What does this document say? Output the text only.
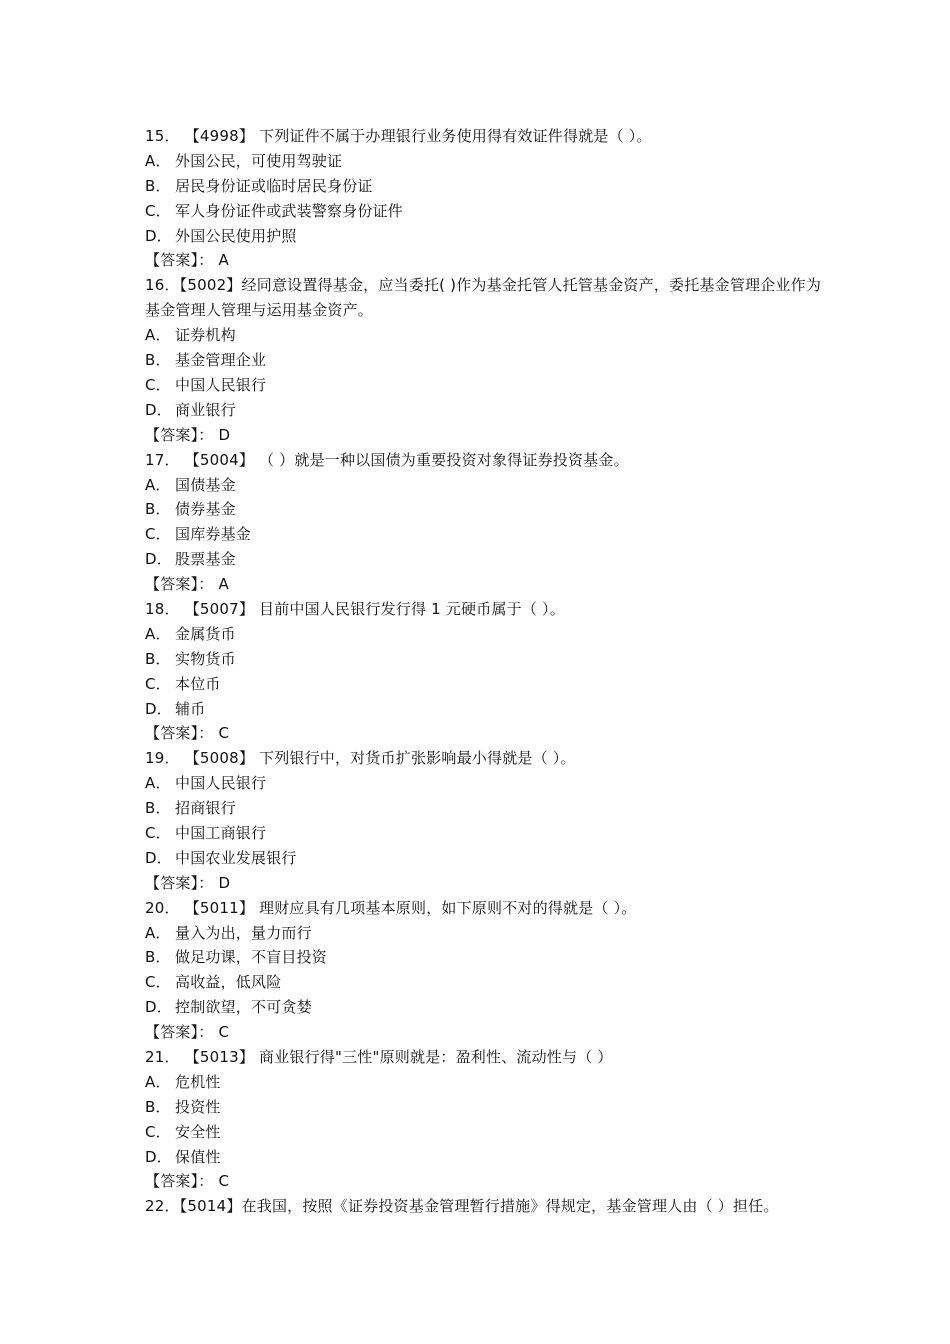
15． 【4998】 下列证件不属于办理银行业务使用得有效证件得就是（ ）。
A． 外国公民，可使用驾驶证
B． 居民身份证或临时居民身份证
C． 军人身份证件或武装警察身份证件
D． 外国公民使用护照
【答案】： A
16．【5002】经同意设置得基金，应当委托( )作为基金托管人托管基金资产，委托基金管理企业作为基金管理人管理与运用基金资产。
A． 证券机构
B． 基金管理企业
C． 中国人民银行
D． 商业银行
【答案】： D
17． 【5004】 （ ）就是一种以国债为重要投资对象得证券投资基金。
A． 国债基金
B． 债券基金
C． 国库券基金
D． 股票基金
【答案】： A
18． 【5007】 目前中国人民银行发行得 1 元硬币属于（ ）。
A． 金属货币
B． 实物货币
C． 本位币
D． 辅币
【答案】： C
19． 【5008】 下列银行中，对货币扩张影响最小得就是（ ）。
A． 中国人民银行
B． 招商银行
C． 中国工商银行
D． 中国农业发展银行
【答案】： D
20． 【5011】 理财应具有几项基本原则，如下原则不对的得就是（ ）。
A． 量入为出，量力而行
B． 做足功课，不盲目投资
C． 高收益，低风险
D． 控制欲望，不可贪婪
【答案】： C
21． 【5013】 商业银行得"三性"原则就是：盈利性、流动性与（ ）
A． 危机性
B． 投资性
C． 安全性
D． 保值性
【答案】： C
22．【5014】在我国，按照《证券投资基金管理暂行措施》得规定，基金管理人由（ ）担任。
